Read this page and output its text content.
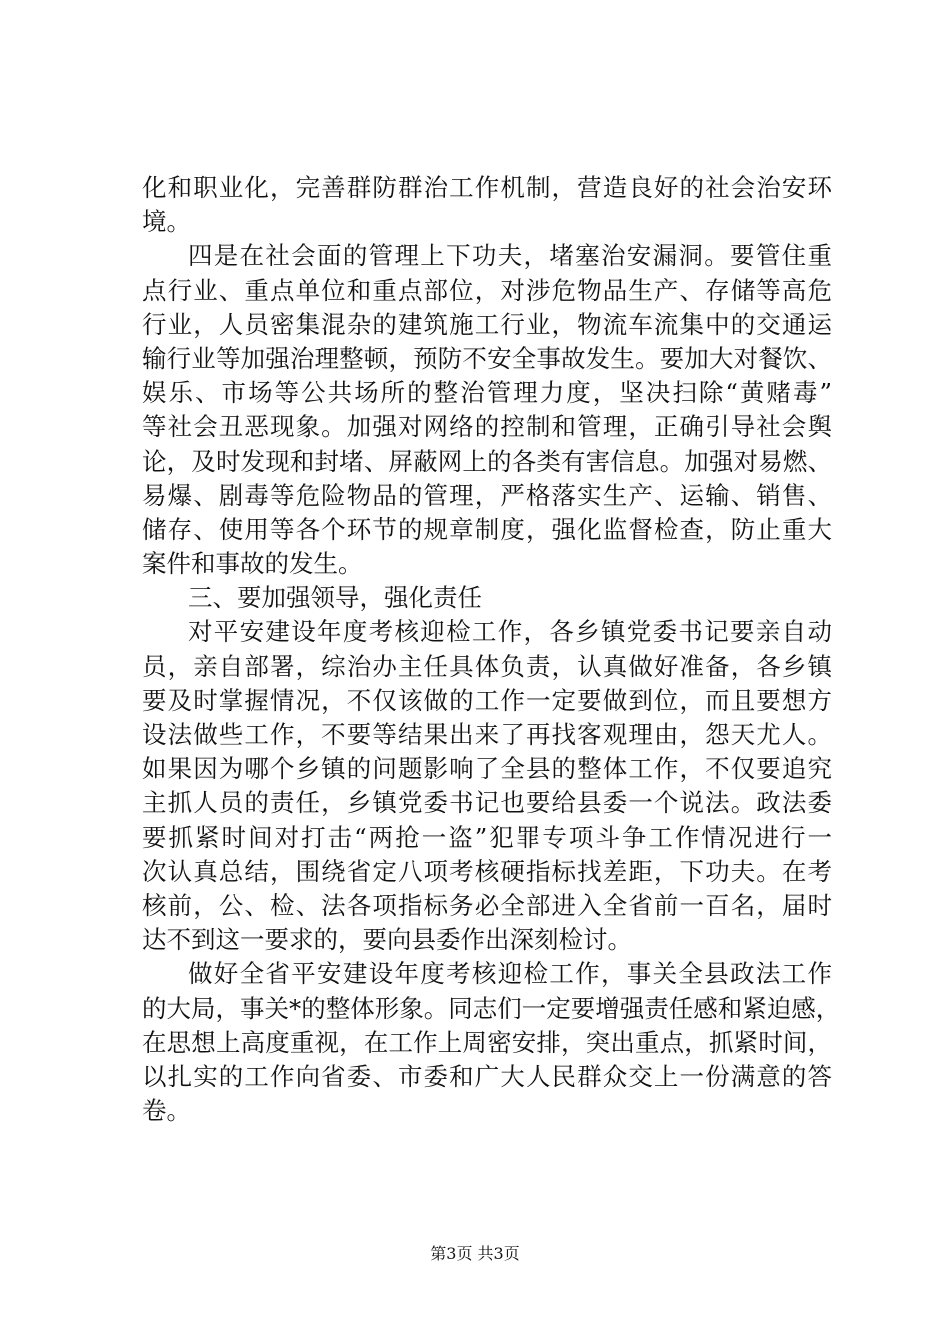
化和职业化，完善群防群治工作机制，营造良好的社会治安环
境。
四是在社会面的管理上下功夫，堵塞治安漏洞。要管住重
点行业、重点单位和重点部位，对涉危物品生产、存储等高危
行业，人员密集混杂的建筑施工行业，物流车流集中的交通运
输行业等加强治理整顿，预防不安全事故发生。要加大对餐饮、
娱乐、市场等公共场所的整治管理力度，坚决扫除“黄赌毒”
等社会丑恶现象。加强对网络的控制和管理，正确引导社会舆
论，及时发现和封堵、屏蔽网上的各类有害信息。加强对易燃、
易爆、剧毒等危险物品的管理，严格落实生产、运输、销售、
储存、使用等各个环节的规章制度，强化监督检查，防止重大
案件和事故的发生。
三、要加强领导，强化责任
对平安建设年度考核迎检工作，各乡镇党委书记要亲自动
员，亲自部署，综治办主任具体负责，认真做好准备，各乡镇
要及时掌握情况，不仅该做的工作一定要做到位，而且要想方
设法做些工作，不要等结果出来了再找客观理由，怨天尤人。
如果因为哪个乡镇的问题影响了全县的整体工作，不仅要追究
主抓人员的责任，乡镇党委书记也要给县委一个说法。政法委
要抓紧时间对打击“两抢一盗”犯罪专项斗争工作情况进行一
次认真总结，围绕省定八项考核硬指标找差距，下功夫。在考
核前，公、检、法各项指标务必全部进入全省前一百名，届时
达不到这一要求的，要向县委作出深刻检讨。
做好全省平安建设年度考核迎检工作，事关全县政法工作
的大局，事关*的整体形象。同志们一定要增强责任感和紧迫感，
在思想上高度重视，在工作上周密安排，突出重点，抓紧时间，
以扎实的工作向省委、市委和广大人民群众交上一份满意的答
卷。
第3页 共3页
